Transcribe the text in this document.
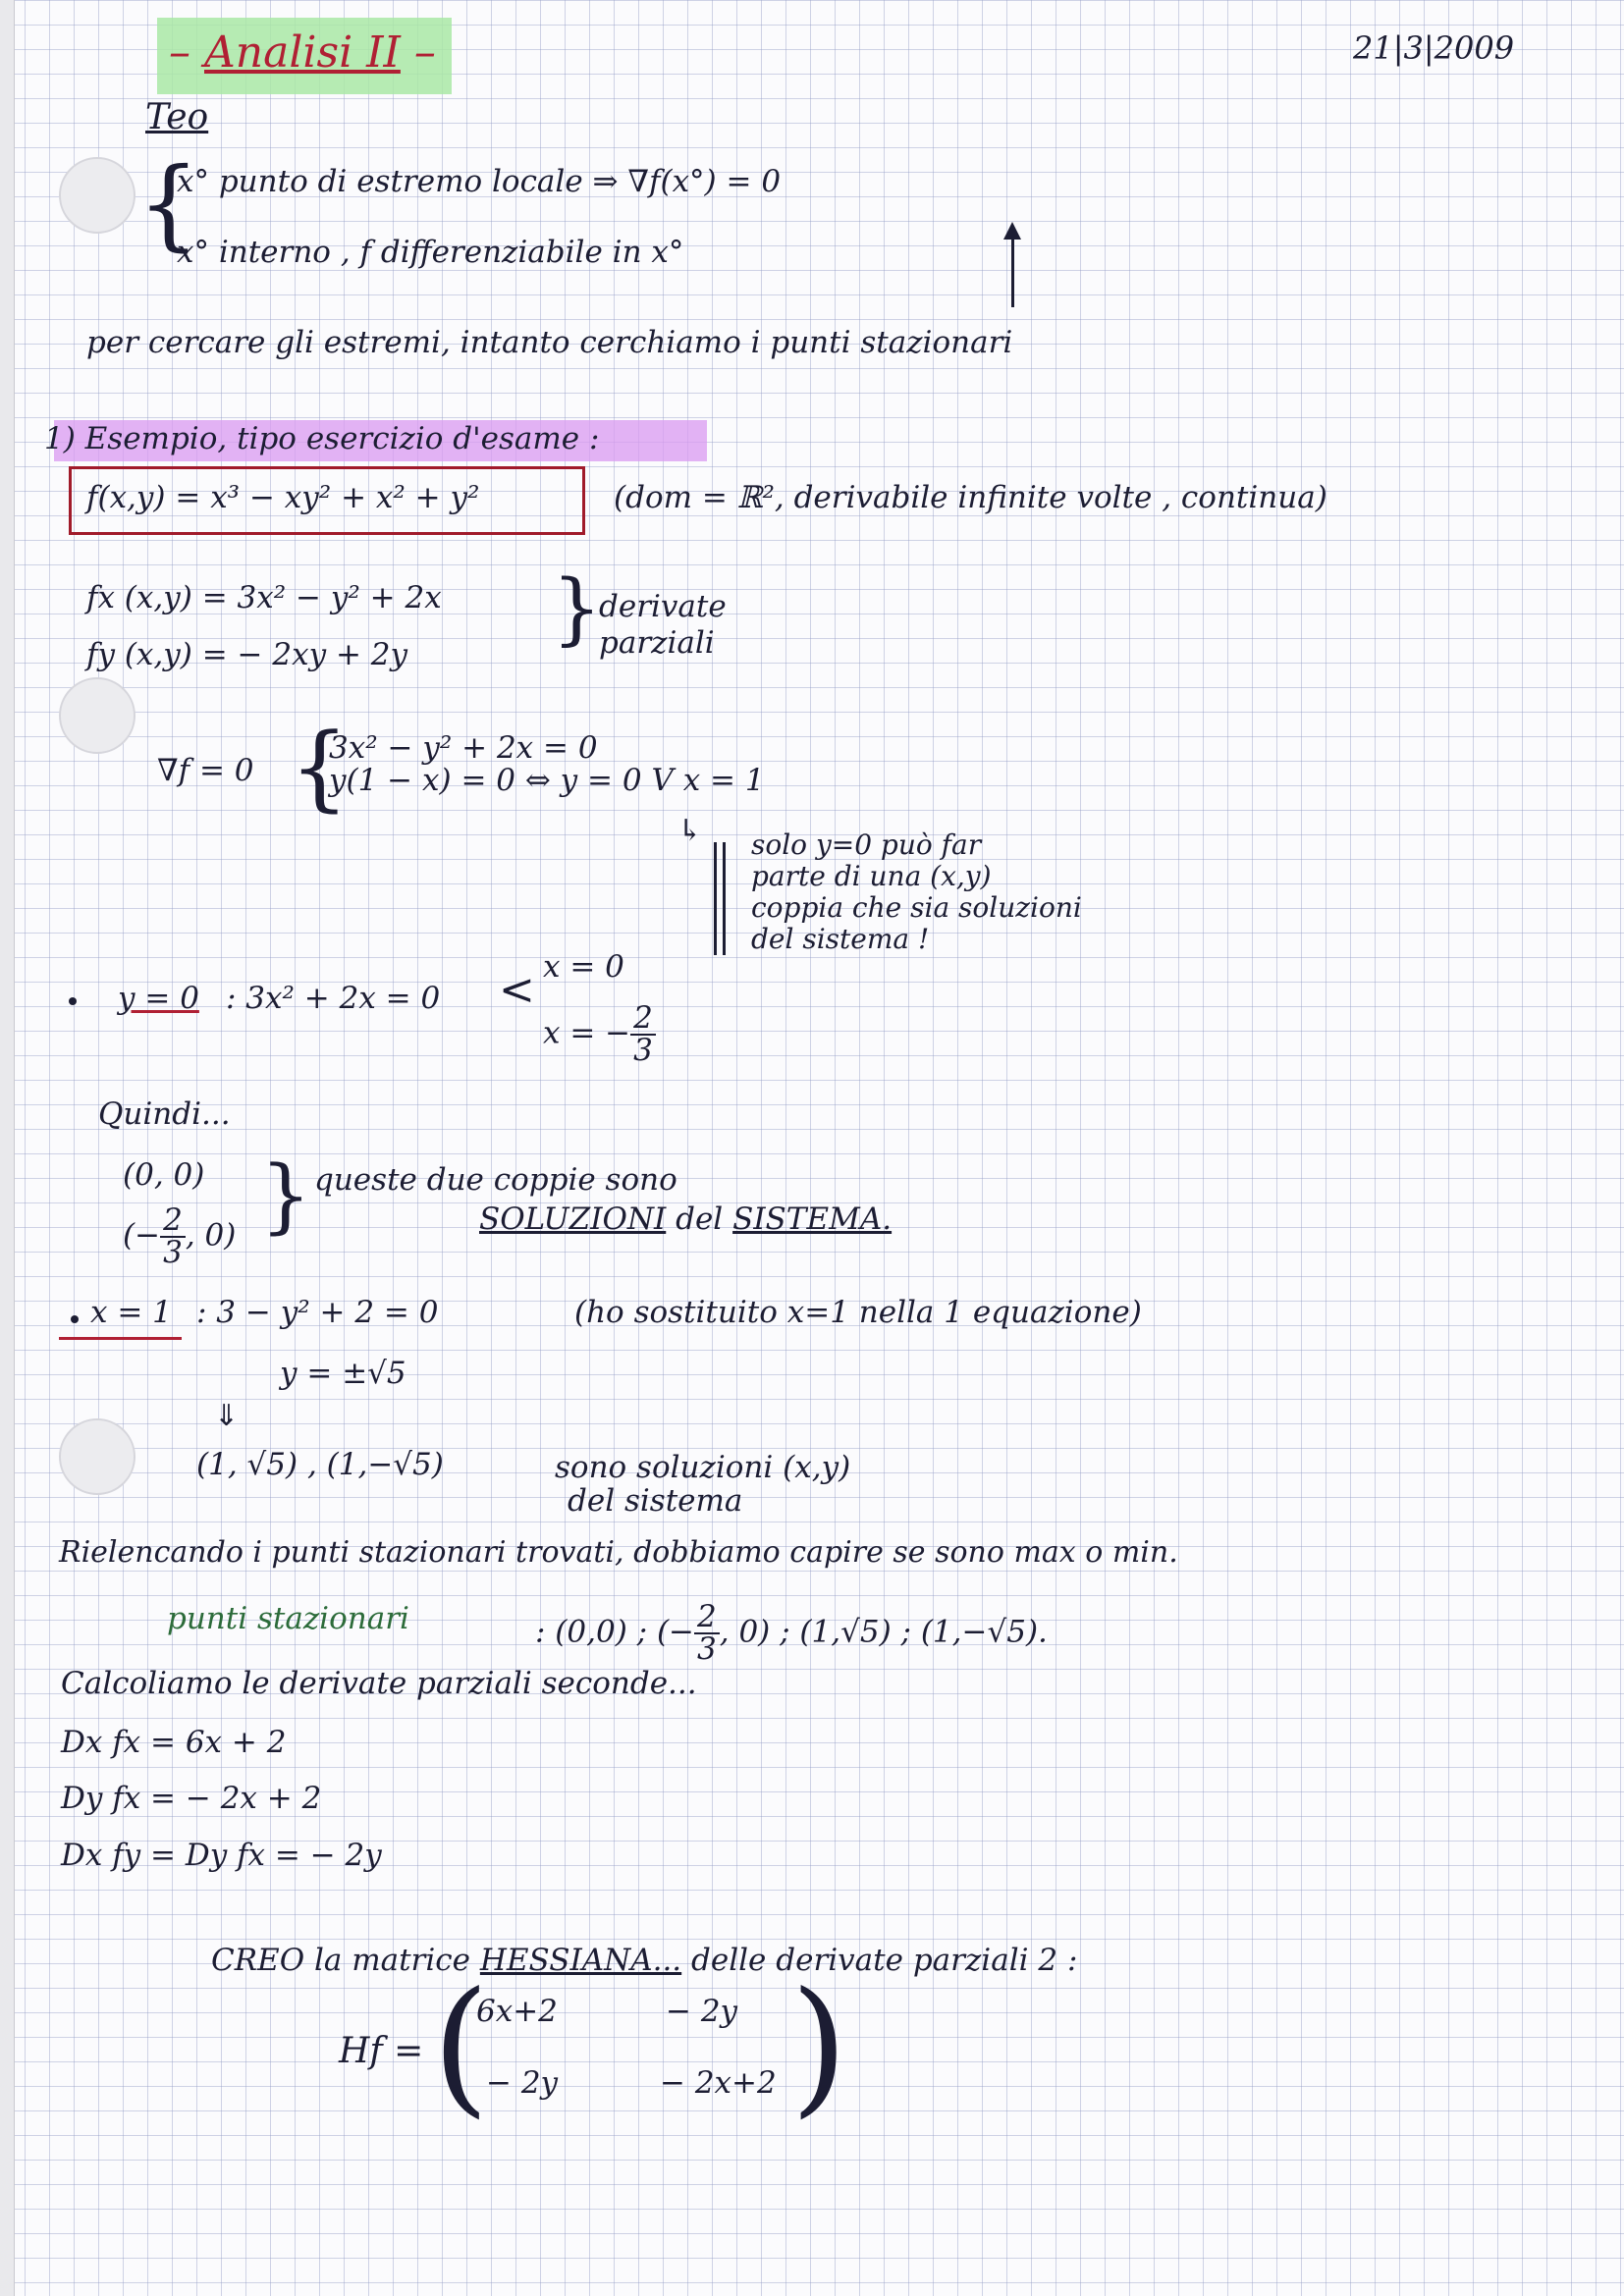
– Analisi II –	21|3|2009
Teo
{
x° punto di estremo locale ⇒ ∇f(x°) = 0
x° interno , f differenziabile in x°
per cercare gli estremi, intanto cerchiamo i punti stazionari
1) Esempio, tipo esercizio d'esame :
f(x,y) = x³ − xy² + x² + y²	(dom = ℝ², derivabile infinite volte , continua)
fx (x,y) = 3x² − y² + 2x
fy (x,y) = − 2xy + 2y
}
derivate parziali
∇f = 0 {
3x² − y² + 2x = 0
y(1 − x) = 0 ⇔ y = 0 V x = 1
↳ solo y=0 può far
parte di una (x,y)
coppia che sia soluzioni
del sistema !
y = 0 : 3x² + 2x = 0 < x = 0
x = − $\frac{2}{3}$
Quindi...
(0, 0)
(− $\frac{2}{3}$ , 0) } queste due coppie sono
SOLUZIONI del SISTEMA.
x = 1 : 3 − y² + 2 = 0	(ho sostituito x=1 nella 1 equazione)
y = ±√5
⇓
(1, √5) , (1,−√5)	sono soluzioni (x,y)
del sistema
Rielencando i punti stazionari trovati, dobbiamo capire se sono max o min.
punti stazionari	: (0,0) ; (− $\frac{2}{3}$ , 0) ; (1,√5) ; (1,−√5).
Calcoliamo le derivate parziali seconde...
Dx fx = 6x + 2
Dy fx = − 2x + 2
Dx fy = Dy fx = − 2y
CREO la matrice HESSIANA... delle derivate parziali 2 :
Hf = (
6x+2	− 2y
− 2y	− 2x+2 )
